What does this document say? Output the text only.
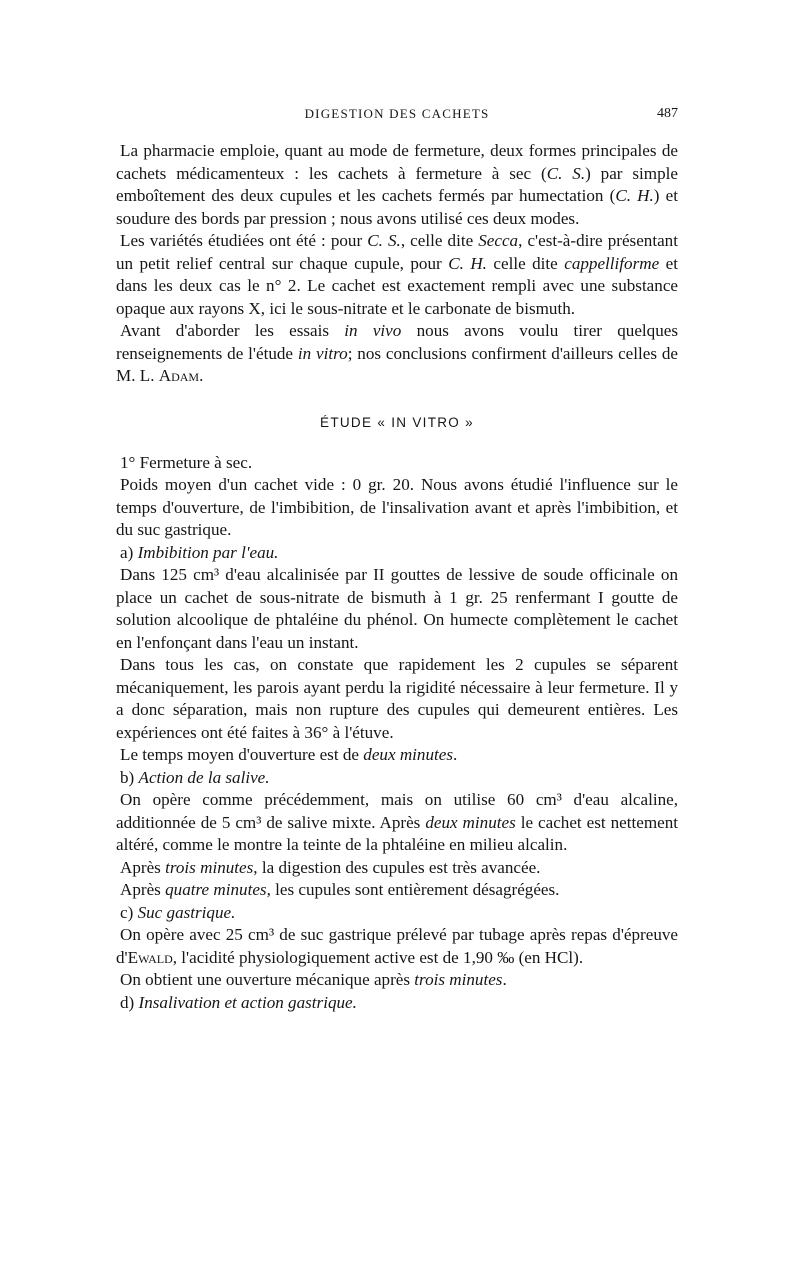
DIGESTION DES CACHETS	487

La pharmacie emploie, quant au mode de fermeture, deux formes principales de cachets médicamenteux : les cachets à fermeture à sec (C. S.) par simple emboîtement des deux cupules et les cachets fermés par humectation (C. H.) et soudure des bords par pression ; nous avons utilisé ces deux modes.

Les variétés étudiées ont été : pour C. S., celle dite Secca, c'est-à-dire présentant un petit relief central sur chaque cupule, pour C. H. celle dite cappelliforme et dans les deux cas le n° 2. Le cachet est exactement rempli avec une substance opaque aux rayons X, ici le sous-nitrate et le carbonate de bismuth.

Avant d'aborder les essais in vivo nous avons voulu tirer quelques renseignements de l'étude in vitro; nos conclusions confirment d'ailleurs celles de M. L. Adam.

ÉTUDE « IN VITRO »

1° Fermeture à sec.

Poids moyen d'un cachet vide : 0 gr. 20. Nous avons étudié l'influence sur le temps d'ouverture, de l'imbibition, de l'insalivation avant et après l'imbibition, et du suc gastrique.

a) Imbibition par l'eau.

Dans 125 cm³ d'eau alcalinisée par II gouttes de lessive de soude officinale on place un cachet de sous-nitrate de bismuth à 1 gr. 25 renfermant I goutte de solution alcoolique de phtaléine du phénol. On humecte complètement le cachet en l'enfonçant dans l'eau un instant.

Dans tous les cas, on constate que rapidement les 2 cupules se séparent mécaniquement, les parois ayant perdu la rigidité nécessaire à leur fermeture. Il y a donc séparation, mais non rupture des cupules qui demeurent entières. Les expériences ont été faites à 36° à l'étuve.

Le temps moyen d'ouverture est de deux minutes.

b) Action de la salive.

On opère comme précédemment, mais on utilise 60 cm³ d'eau alcaline, additionnée de 5 cm³ de salive mixte. Après deux minutes le cachet est nettement altéré, comme le montre la teinte de la phtaléine en milieu alcalin.

Après trois minutes, la digestion des cupules est très avancée.

Après quatre minutes, les cupules sont entièrement désagrégées.

c) Suc gastrique.

On opère avec 25 cm³ de suc gastrique prélevé par tubage après repas d'épreuve d'Ewald, l'acidité physiologiquement active est de 1,90 ‰ (en HCl).

On obtient une ouverture mécanique après trois minutes.

d) Insalivation et action gastrique.
